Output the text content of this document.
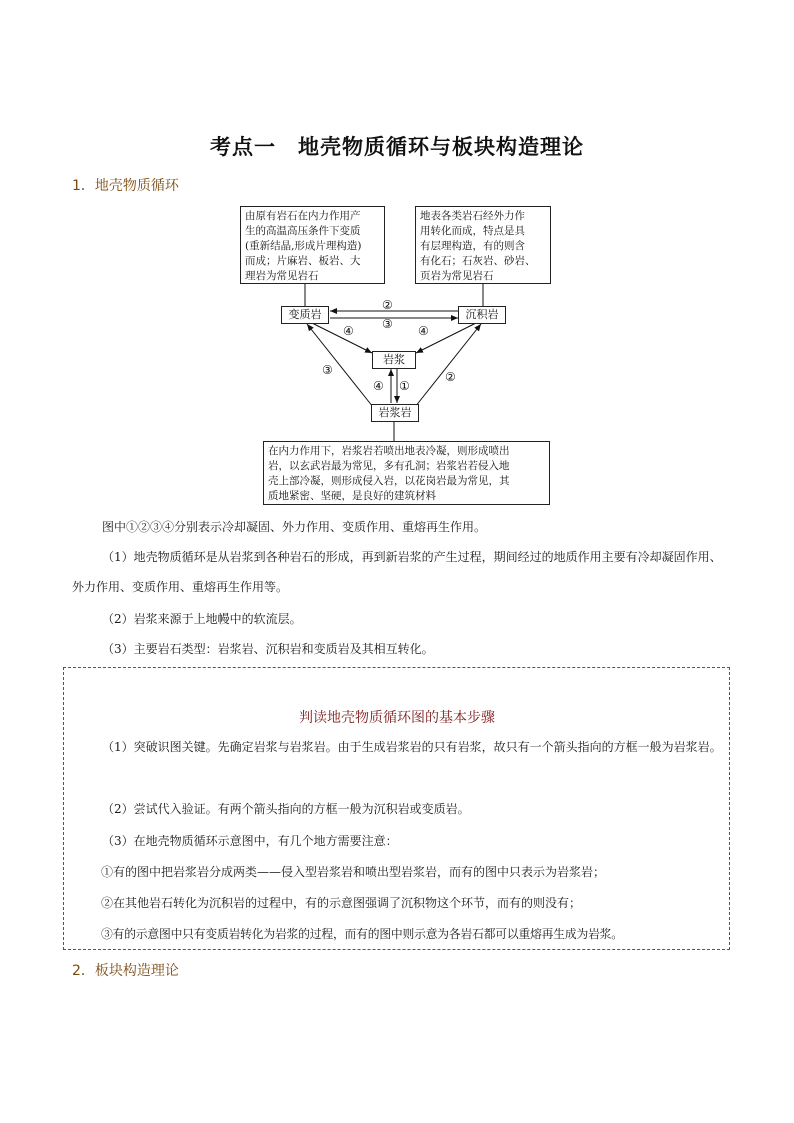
考点一　地壳物质循环与板块构造理论
1．地壳物质循环
由原有岩石在内力作用产
生的高温高压条件下变质
(重新结晶,形成片理构造)
而成；片麻岩、板岩、大
理岩为常见岩石
地表各类岩石经外力作
用转化而成，特点是具
有层理构造，有的则含
有化石；石灰岩、砂岩、
页岩为常见岩石
变质岩	沉积岩
岩浆
岩浆岩
在内力作用下，岩浆岩若喷出地表冷凝，则形成喷出
岩，以玄武岩最为常见，多有孔洞；岩浆岩若侵入地
壳上部冷凝，则形成侵入岩，以花岗岩最为常见，其
质地紧密、坚硬，是良好的建筑材料
②
③
④	④
③	②
④ ①

图中①②③④分别表示冷却凝固、外力作用、变质作用、重熔再生作用。

（1）地壳物质循环是从岩浆到各种岩石的形成，再到新岩浆的产生过程，期间经过的地质作用主要有冷却凝固作用、外力作用、变质作用、重熔再生作用等。

（2）岩浆来源于上地幔中的软流层。

（3）主要岩石类型：岩浆岩、沉积岩和变质岩及其相互转化。

判读地壳物质循环图的基本步骤

（1）突破识图关键。先确定岩浆与岩浆岩。由于生成岩浆岩的只有岩浆，故只有一个箭头指向的方框一般为岩浆岩。

（2）尝试代入验证。有两个箭头指向的方框一般为沉积岩或变质岩。

（3）在地壳物质循环示意图中，有几个地方需要注意：

①有的图中把岩浆岩分成两类——侵入型岩浆岩和喷出型岩浆岩，而有的图中只表示为岩浆岩；

②在其他岩石转化为沉积岩的过程中，有的示意图强调了沉积物这个环节，而有的则没有；

③有的示意图中只有变质岩转化为岩浆的过程，而有的图中则示意为各岩石都可以重熔再生成为岩浆。

2．板块构造理论
